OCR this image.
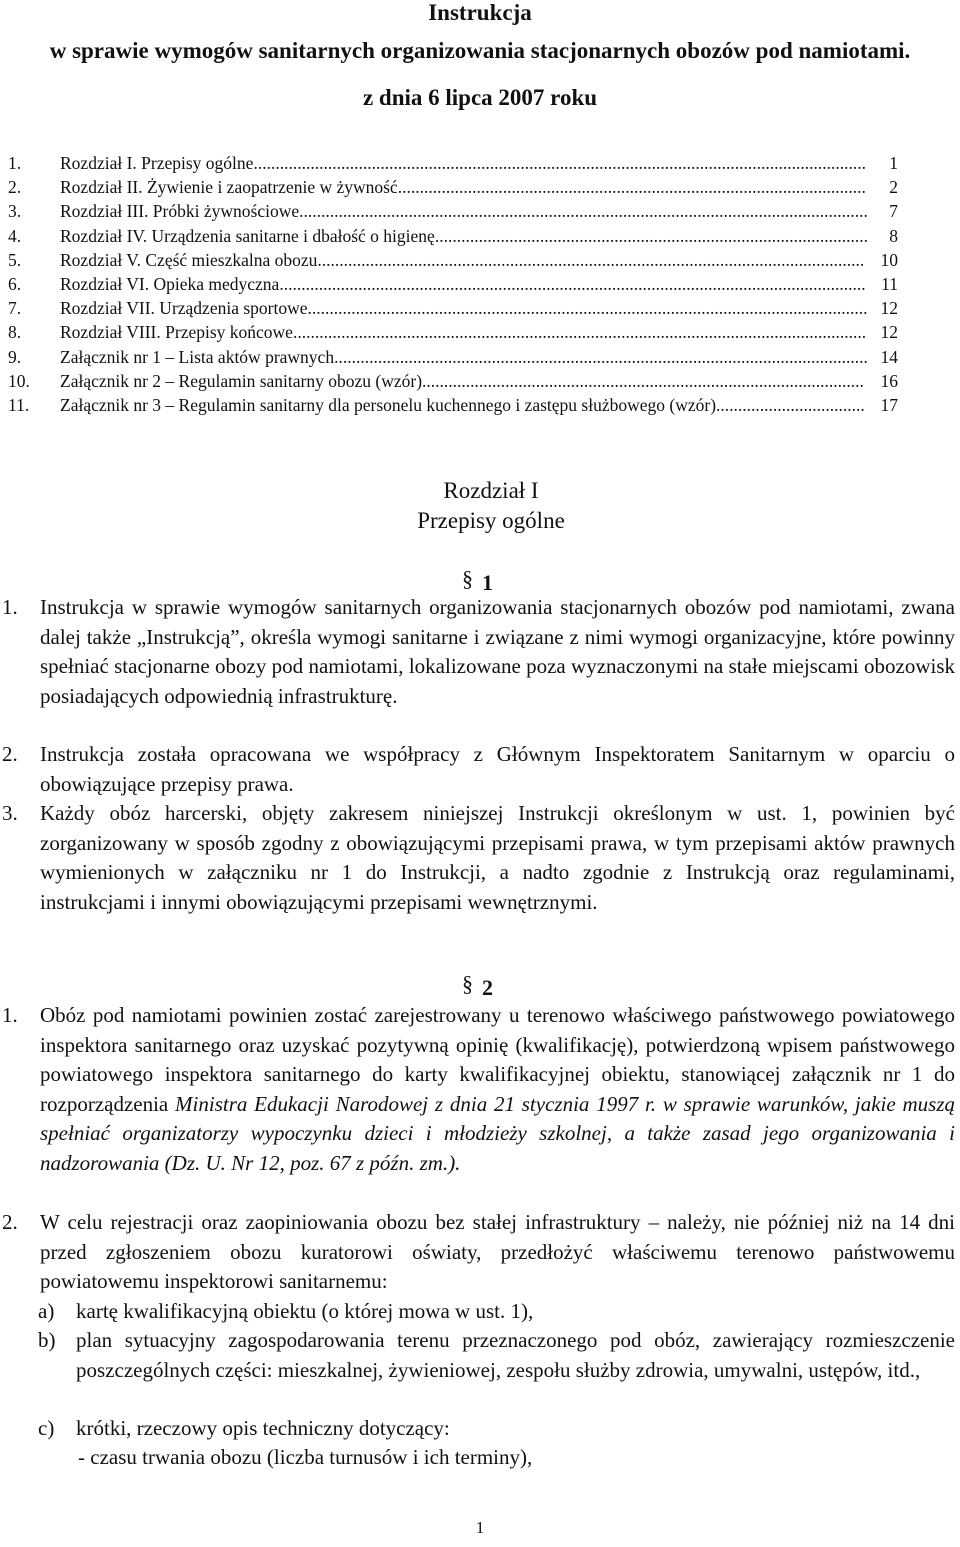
Instrukcja
w sprawie wymogów sanitarnych organizowania stacjonarnych obozów pod namiotami.
z dnia 6 lipca 2007 roku
1. Rozdział I. Przepisy ogólne............................................................................................................................................ 1
2. Rozdział II. Żywienie i zaopatrzenie w żywność........................................................................................................... 2
3. Rozdział III. Próbki żywnościowe.................................................................................................................................. 7
4. Rozdział IV. Urządzenia sanitarne i dbałość o higienę................................................................................................... 8
5. Rozdział V. Część mieszkalna obozu............................................................................................................................. 10
6. Rozdział VI. Opieka medyczna...................................................................................................................................... 11
7. Rozdział VII. Urządzenia sportowe................................................................................................................................ 12
8. Rozdział VIII. Przepisy końcowe................................................................................................................................... 12
9. Załącznik nr 1 – Lista aktów prawnych.......................................................................................................................... 14
10. Załącznik nr 2 – Regulamin sanitarny obozu (wzór)..................................................................................................... 16
11. Załącznik nr 3 – Regulamin sanitarny dla personelu kuchennego i zastępu służbowego (wzór).................................. 17
Rozdział I
Przepisy ogólne
§ 1
1. Instrukcja w sprawie wymogów sanitarnych organizowania stacjonarnych obozów pod namiotami, zwana dalej także „Instrukcją”, określa wymogi sanitarne i związane z nimi wymogi organizacyjne, które powinny spełniać stacjonarne obozy pod namiotami, lokalizowane poza wyznaczonymi na stałe miejscami obozowisk posiadających odpowiednią infrastrukturę.
2. Instrukcja została opracowana we współpracy z Głównym Inspektoratem Sanitarnym w oparciu o obowiązujące przepisy prawa.
3. Każdy obóz harcerski, objęty zakresem niniejszej Instrukcji określonym w ust. 1, powinien być zorganizowany w sposób zgodny z obowiązującymi przepisami prawa, w tym przepisami aktów prawnych wymienionych w załączniku nr 1 do Instrukcji, a nadto zgodnie z Instrukcją oraz regulaminami, instrukcjami i innymi obowiązującymi przepisami wewnętrznymi.
§ 2
1. Obóz pod namiotami powinien zostać zarejestrowany u terenowo właściwego państwowego powiatowego inspektora sanitarnego oraz uzyskać pozytywną opinię (kwalifikację), potwierdzoną wpisem państwowego powiatowego inspektora sanitarnego do karty kwalifikacyjnej obiektu, stanowiącej załącznik nr 1 do rozporządzenia Ministra Edukacji Narodowej z dnia 21 stycznia 1997 r. w sprawie warunków, jakie muszą spełniać organizatorzy wypoczynku dzieci i młodzieży szkolnej, a także zasad jego organizowania i nadzorowania (Dz. U. Nr 12, poz. 67 z późn. zm.).
2. W celu rejestracji oraz zaopiniowania obozu bez stałej infrastruktury – należy, nie później niż na 14 dni przed zgłoszeniem obozu kuratorowi oświaty, przedłożyć właściwemu terenowo państwowemu powiatowemu inspektorowi sanitarnemu:
a) kartę kwalifikacyjną obiektu (o której mowa w ust. 1),
b) plan sytuacyjny zagospodarowania terenu przeznaczonego pod obóz, zawierający rozmieszczenie poszczególnych części: mieszkalnej, żywieniowej, zespołu służby zdrowia, umywalni, ustępów, itd.,
c) krótki, rzeczowy opis techniczny dotyczący:
- czasu trwania obozu (liczba turnusów i ich terminy),
1
